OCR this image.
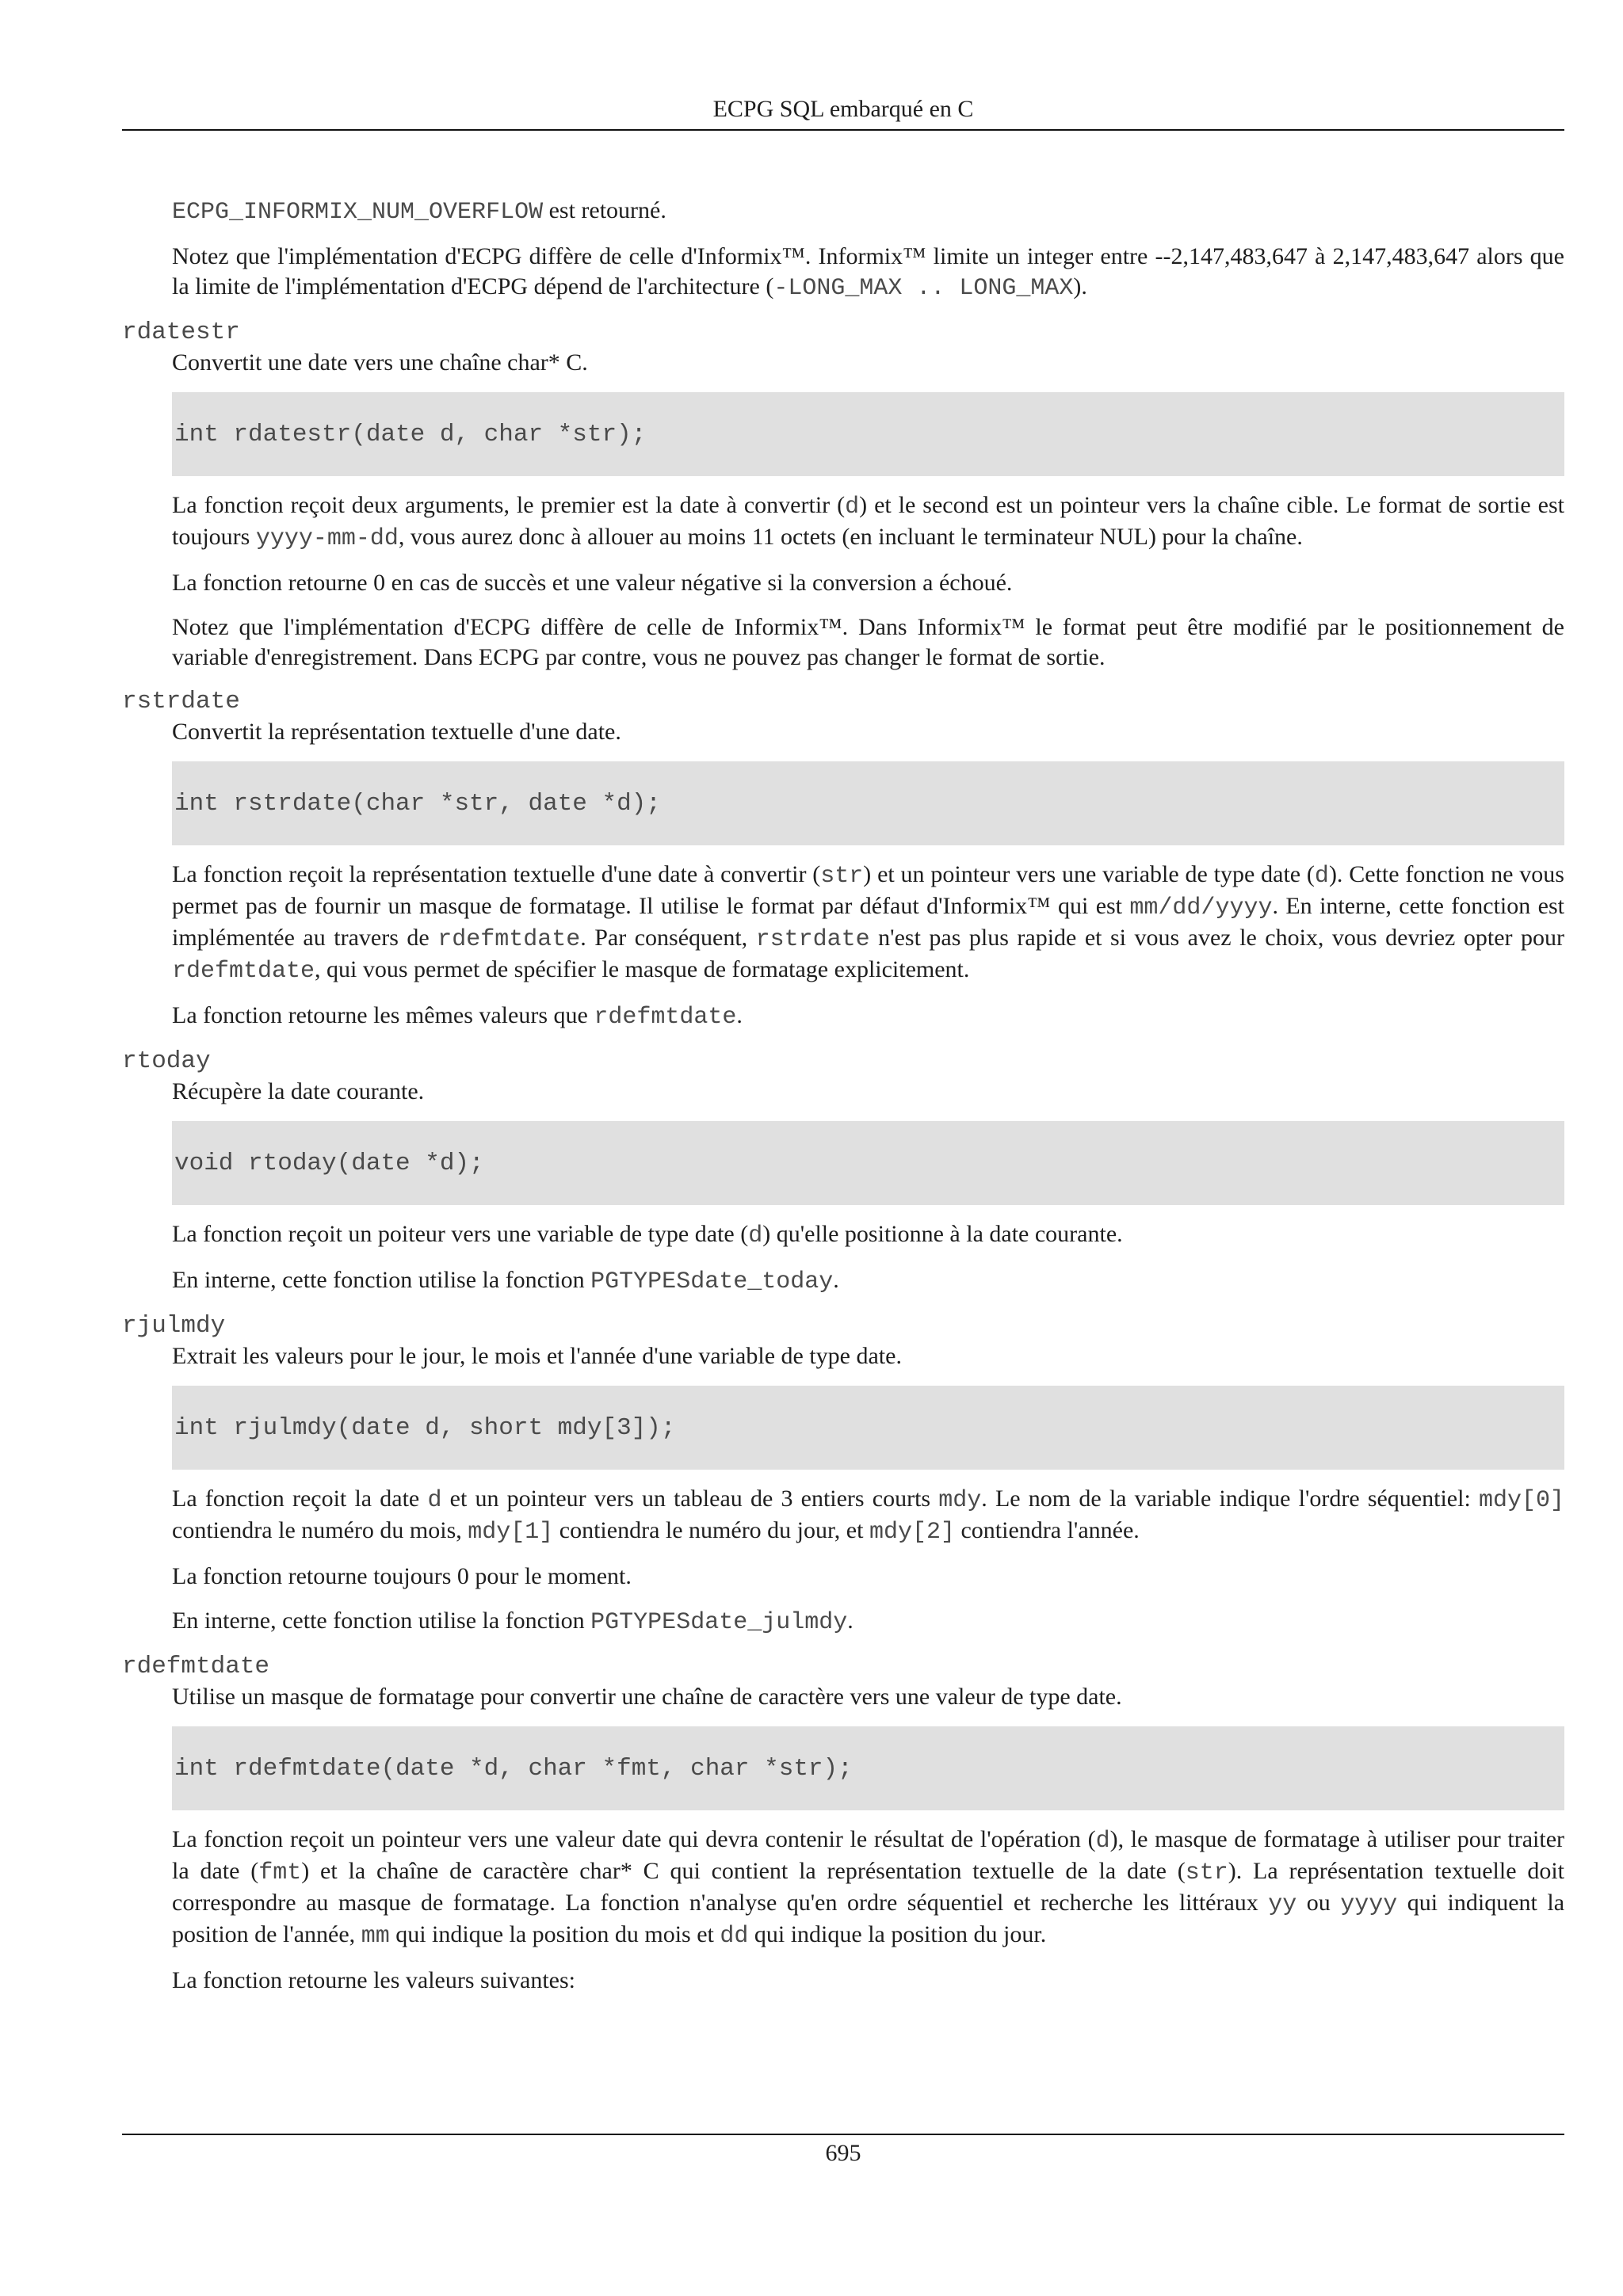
ECPG SQL embarqué en C

ECPG_INFORMIX_NUM_OVERFLOW est retourné.

Notez que l'implémentation d'ECPG diffère de celle d'Informix™. Informix™ limite un integer entre --2,147,483,647 à 2,147,483,647 alors que la limite de l'implémentation d'ECPG dépend de l'architecture (-LONG_MAX .. LONG_MAX).

rdatestr
Convertit une date vers une chaîne char* C.
int rdatestr(date d, char *str);

La fonction reçoit deux arguments, le premier est la date à convertir (d) et le second est un pointeur vers la chaîne cible. Le format de sortie est toujours yyyy-mm-dd, vous aurez donc à allouer au moins 11 octets (en incluant le terminateur NUL) pour la chaîne.

La fonction retourne 0 en cas de succès et une valeur négative si la conversion a échoué.

Notez que l'implémentation d'ECPG diffère de celle de Informix™. Dans Informix™ le format peut être modifié par le positionnement de variable d'enregistrement. Dans ECPG par contre, vous ne pouvez pas changer le format de sortie.

rstrdate
Convertit la représentation textuelle d'une date.
int rstrdate(char *str, date *d);

La fonction reçoit la représentation textuelle d'une date à convertir (str) et un pointeur vers une variable de type date (d). Cette fonction ne vous permet pas de fournir un masque de formatage. Il utilise le format par défaut d'Informix™ qui est mm/dd/yyyy. En interne, cette fonction est implémentée au travers de rdefmtdate. Par conséquent, rstrdate n'est pas plus rapide et si vous avez le choix, vous devriez opter pour rdefmtdate, qui vous permet de spécifier le masque de formatage explicitement.

La fonction retourne les mêmes valeurs que rdefmtdate.

rtoday
Récupère la date courante.
void rtoday(date *d);

La fonction reçoit un poiteur vers une variable de type date (d) qu'elle positionne à la date courante.

En interne, cette fonction utilise la fonction PGTYPESdate_today.

rjulmdy
Extrait les valeurs pour le jour, le mois et l'année d'une variable de type date.
int rjulmdy(date d, short mdy[3]);

La fonction reçoit la date d et un pointeur vers un tableau de 3 entiers courts mdy. Le nom de la variable indique l'ordre séquentiel: mdy[0] contiendra le numéro du mois, mdy[1] contiendra le numéro du jour, et mdy[2] contiendra l'année.

La fonction retourne toujours 0 pour le moment.

En interne, cette fonction utilise la fonction PGTYPESdate_julmdy.

rdefmtdate
Utilise un masque de formatage pour convertir une chaîne de caractère vers une valeur de type date.
int rdefmtdate(date *d, char *fmt, char *str);

La fonction reçoit un pointeur vers une valeur date qui devra contenir le résultat de l'opération (d), le masque de formatage à utiliser pour traiter la date (fmt) et la chaîne de caractère char* C qui contient la représentation textuelle de la date (str). La représentation textuelle doit correspondre au masque de formatage. La fonction n'analyse qu'en ordre séquentiel et recherche les littéraux yy ou yyyy qui indiquent la position de l'année, mm qui indique la position du mois et dd qui indique la position du jour.

La fonction retourne les valeurs suivantes:

695
